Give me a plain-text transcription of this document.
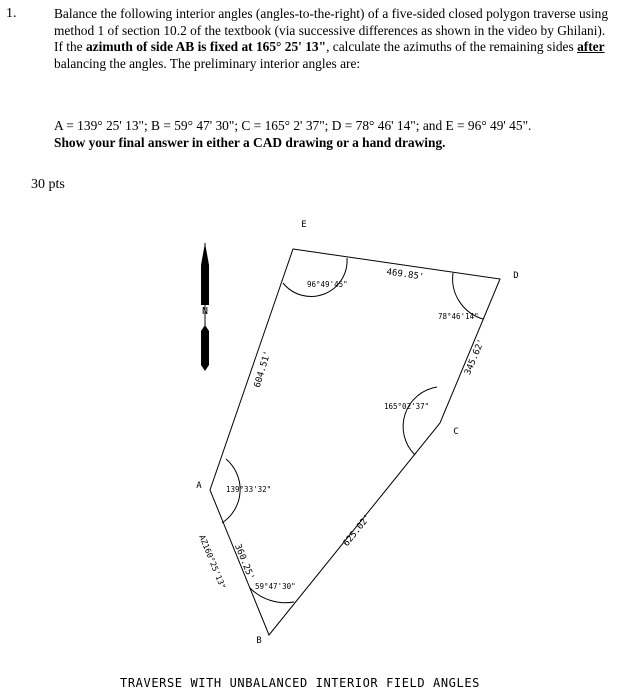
1.	Balance the following interior angles (angles-to-the-right) of a five-sided closed polygon traverse using method 1 of section 10.2 of the textbook (via successive differences as shown in the video by Ghilani). If the azimuth of side AB is fixed at 165° 25' 13", calculate the azimuths of the remaining sides after balancing the angles. The preliminary interior angles are:
A = 139° 25' 13"; B = 59° 47' 30"; C = 165° 2' 37"; D = 78° 46' 14"; and E = 96° 49' 45".
Show your final answer in either a CAD drawing or a hand drawing.
30 pts
N
E
D
C
A
B
96°49'45"
78°46'14"
165°02'37"
139°33'32"
59°47'30"
469.85'
604.51'	345.62'
625.02'
360.25'
AZ160°25'13"
TRAVERSE WITH UNBALANCED INTERIOR FIELD ANGLES
